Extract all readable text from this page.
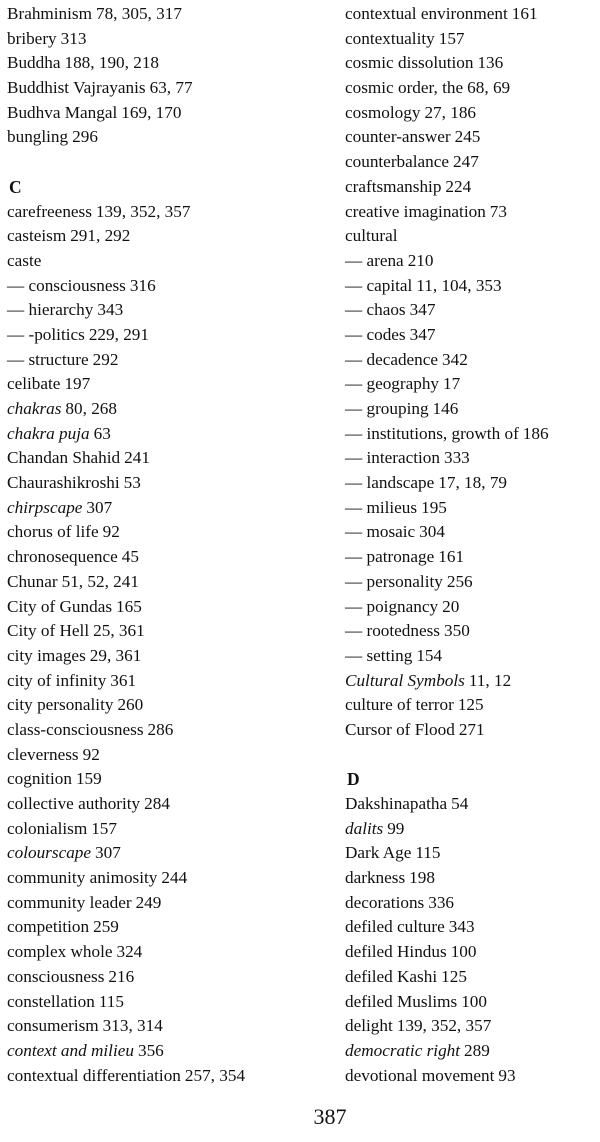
Brahminism 78, 305, 317
bribery 313
Buddha 188, 190, 218
Buddhist Vajrayanis 63, 77
Budhva Mangal 169, 170
bungling 296
C
carefreeness 139, 352, 357
casteism 291, 292
caste
— consciousness 316
— hierarchy 343
— -politics 229, 291
— structure 292
celibate 197
chakras 80, 268
chakra puja 63
Chandan Shahid 241
Chaurashikroshi 53
chirpscape 307
chorus of life 92
chronosequence 45
Chunar 51, 52, 241
City of Gundas 165
City of Hell 25, 361
city images 29, 361
city of infinity 361
city personality 260
class-consciousness 286
cleverness 92
cognition 159
collective authority 284
colonialism 157
colourscape 307
community animosity 244
community leader 249
competition 259
complex whole 324
consciousness 216
constellation 115
consumerism 313, 314
context and milieu 356
contextual differentiation 257, 354
contextual environment 161
contextuality 157
cosmic dissolution 136
cosmic order, the 68, 69
cosmology 27, 186
counter-answer 245
counterbalance 247
craftsmanship 224
creative imagination 73
cultural
— arena 210
— capital 11, 104, 353
— chaos 347
— codes 347
— decadence 342
— geography 17
— grouping 146
— institutions, growth of 186
— interaction 333
— landscape 17, 18, 79
— milieus 195
— mosaic 304
— patronage 161
— personality 256
— poignancy 20
— rootedness 350
— setting 154
Cultural Symbols 11, 12
culture of terror 125
Cursor of Flood 271
D
Dakshinapatha 54
dalits 99
Dark Age 115
darkness 198
decorations 336
defiled culture 343
defiled Hindus 100
defiled Kashi 125
defiled Muslims 100
delight 139, 352, 357
democratic right 289
devotional movement 93
387
